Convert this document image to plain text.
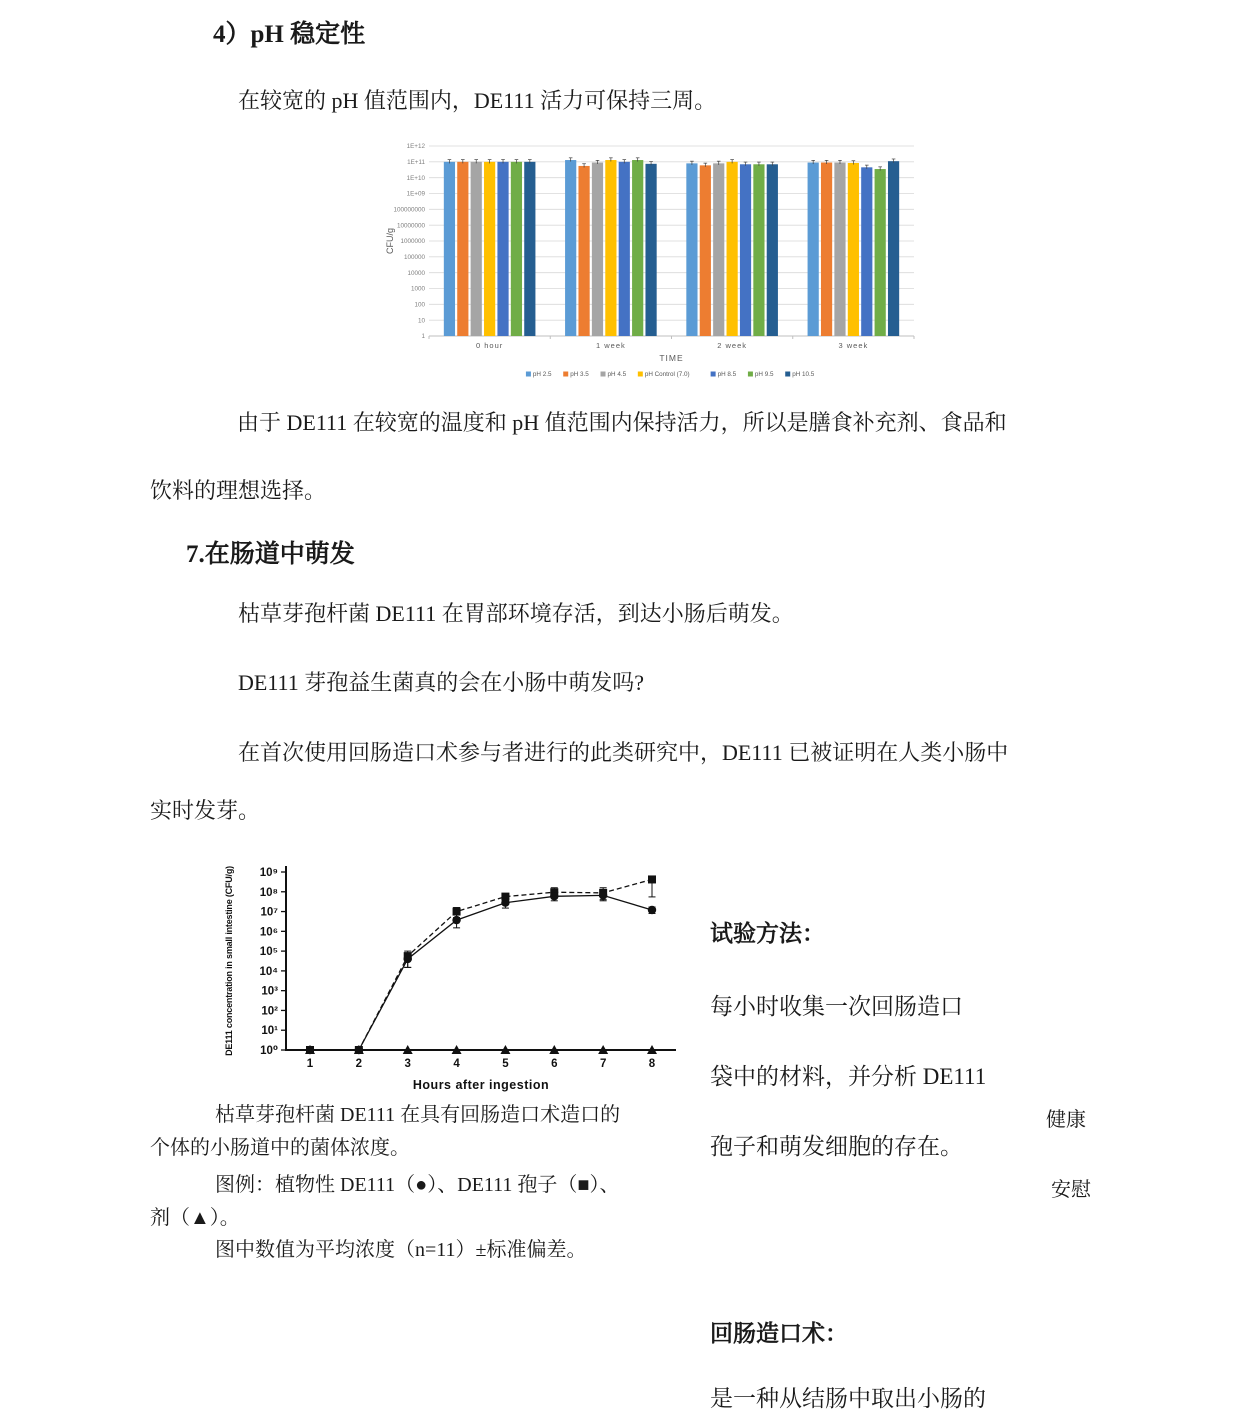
4）pH 稳定性
在较宽的 pH 值范围内，DE111 活力可保持三周。
1
10
100
1000
10000
100000
1000000
10000000
100000000
1E+09
1E+10
1E+11
1E+12
CFU/g
0 hour	1 week	2 week	3 week
TIME
pH 2.5	pH 3.5	pH 4.5	pH Control (7.0)	pH 8.5	pH 9.5	pH 10.5
由于 DE111 在较宽的温度和 pH 值范围内保持活力，所以是膳食补充剂、食品和
饮料的理想选择。
7.在肠道中萌发
枯草芽孢杆菌 DE111 在胃部环境存活，到达小肠后萌发。
DE111 芽孢益生菌真的会在小肠中萌发吗?
在首次使用回肠造口术参与者进行的此类研究中，DE111 已被证明在人类小肠中
实时发芽。
10⁰
10¹
10²
10³
10⁴
10⁵
10⁶
10⁷
10⁸
10⁹
1	2	3	4	5	6	7	8
Hours after ingestion
DE111 concentration in small intestine (CFU/g)
枯草芽孢杆菌 DE111 在具有回肠造口术造口的
个体的小肠道中的菌体浓度。
图例：植物性 DE111（●）、DE111 孢子（■）、
剂（▲）。
图中数值为平均浓度（n=11）±标准偏差。
试验方法：
每小时收集一次回肠造口
袋中的材料，并分析 DE111
孢子和萌发细胞的存在。
健康
安慰
回肠造口术：
是一种从结肠中取出小肠的
